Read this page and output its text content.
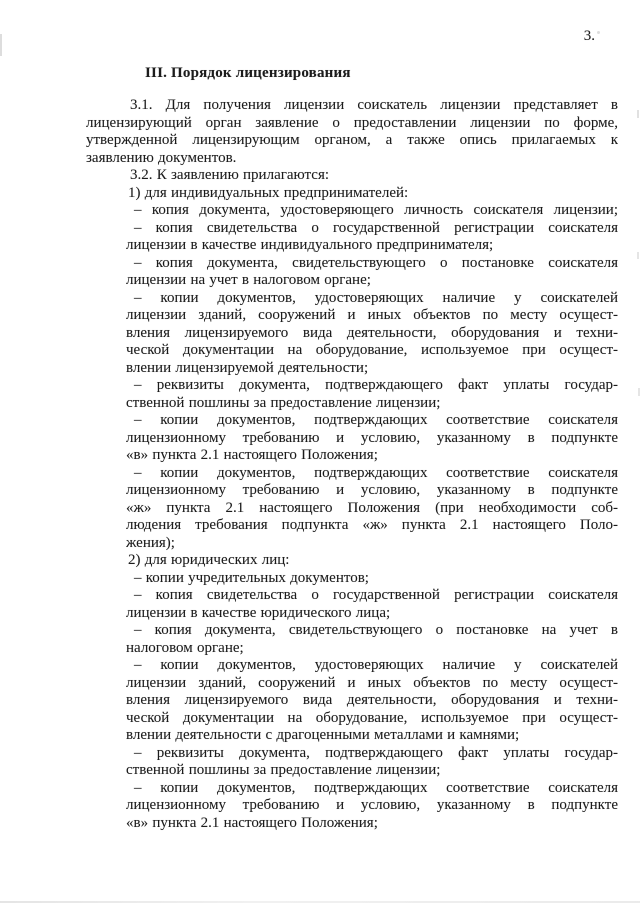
3.
III. Порядок лицензирования
3.1. Для получения лицензии соискатель лицензии представляет в
лицензирующий орган заявление о предоставлении лицензии по форме,
утвержденной лицензирующим органом, а также опись прилагаемых к
заявлению документов.
3.2. К заявлению прилагаются:
1) для индивидуальных предпринимателей:
– копия документа, удостоверяющего личность соискателя лицензии;
– копия свидетельства о государственной регистрации соискателя
лицензии в качестве индивидуального предпринимателя;
– копия документа, свидетельствующего о постановке соискателя
лицензии на учет в налоговом органе;
– копии документов, удостоверяющих наличие у соискателей
лицензии зданий, сооружений и иных объектов по месту осущест-
вления лицензируемого вида деятельности, оборудования и техни-
ческой документации на оборудование, используемое при осущест-
влении лицензируемой деятельности;
– реквизиты документа, подтверждающего факт уплаты государ-
ственной пошлины за предоставление лицензии;
– копии документов, подтверждающих соответствие соискателя
лицензионному требованию и условию, указанному в подпункте
«в» пункта 2.1 настоящего Положения;
– копии документов, подтверждающих соответствие соискателя
лицензионному требованию и условию, указанному в подпункте
«ж» пункта 2.1 настоящего Положения (при необходимости соб-
людения требования подпункта «ж» пункта 2.1 настоящего Поло-
жения);
2) для юридических лиц:
– копии учредительных документов;
– копия свидетельства о государственной регистрации соискателя
лицензии в качестве юридического лица;
– копия документа, свидетельствующего о постановке на учет в
налоговом органе;
– копии документов, удостоверяющих наличие у соискателей
лицензии зданий, сооружений и иных объектов по месту осущест-
вления лицензируемого вида деятельности, оборудования и техни-
ческой документации на оборудование, используемое при осущест-
влении деятельности с драгоценными металлами и камнями;
– реквизиты документа, подтверждающего факт уплаты государ-
ственной пошлины за предоставление лицензии;
– копии документов, подтверждающих соответствие соискателя
лицензионному требованию и условию, указанному в подпункте
«в» пункта 2.1 настоящего Положения;
